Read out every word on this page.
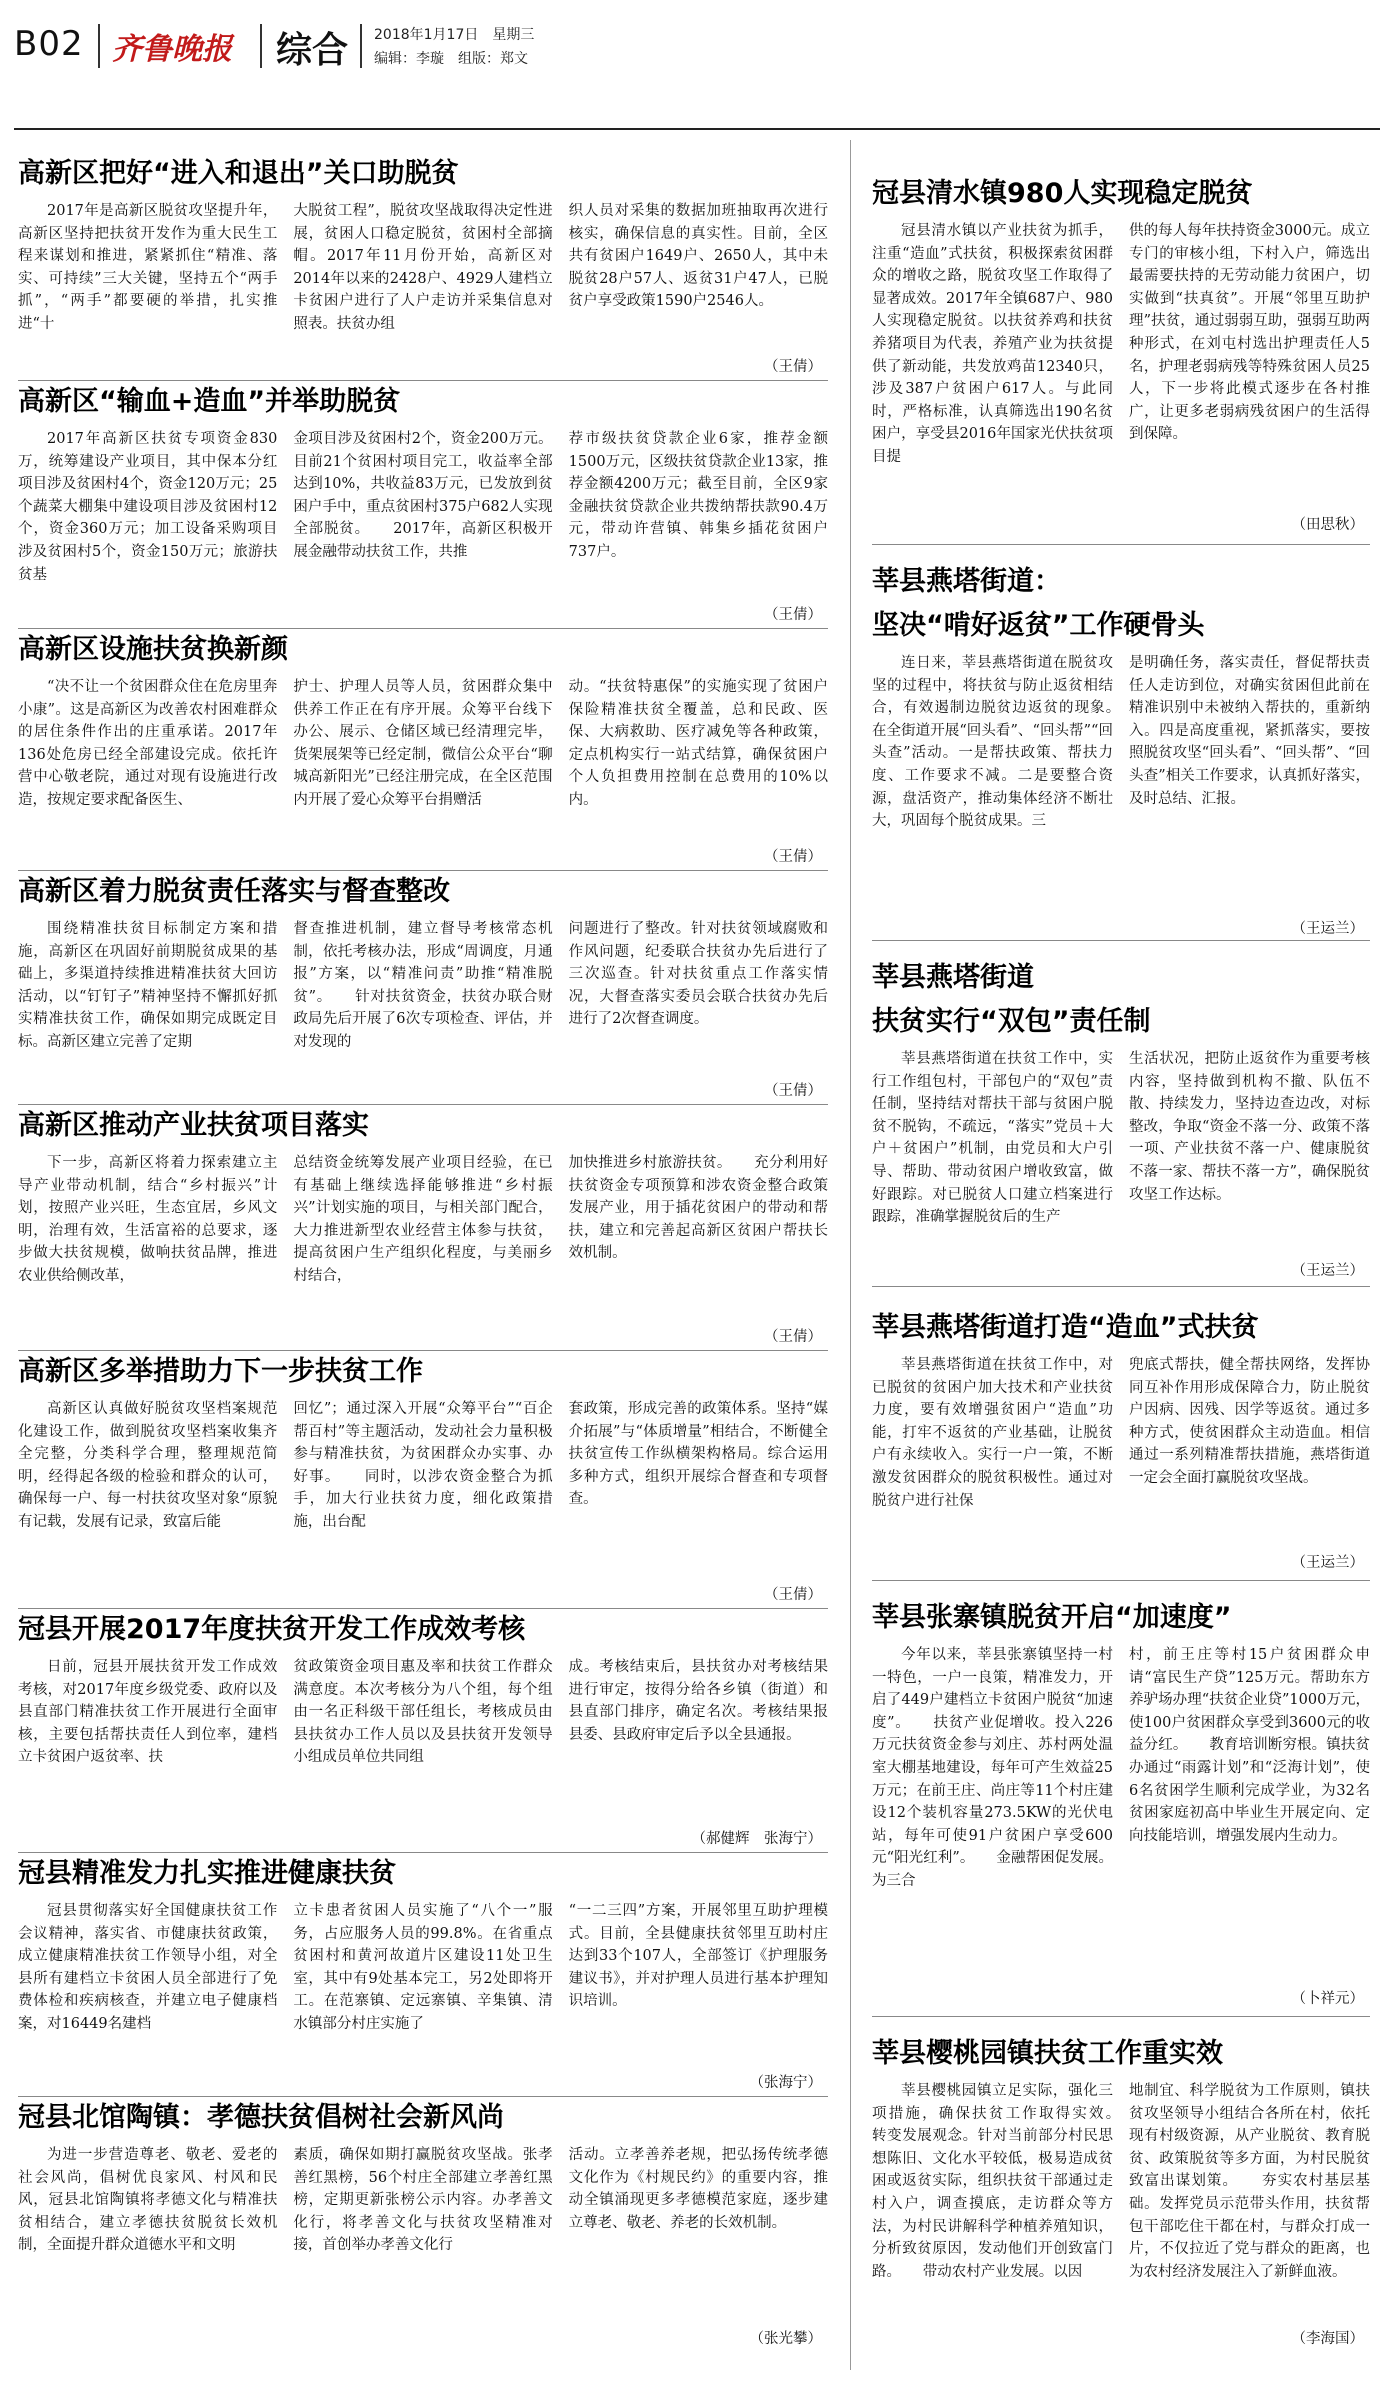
B02 齐鲁晚报 综合 2018年1月17日　星期三
编辑：李璇　组版：郑文
高新区把好“进入和退出”关口助脱贫
2017年是高新区脱贫攻坚提升年，高新区坚持把扶贫开发作为重大民生工程来谋划和推进，紧紧抓住“精准、落实、可持续”三大关键，坚持五个“两手抓”，“两手”都要硬的举措，扎实推进“十
大脱贫工程”，脱贫攻坚战取得决定性进展，贫困人口稳定脱贫，贫困村全部摘帽。2017年11月份开始，高新区对2014年以来的2428户、4929人建档立卡贫困户进行了人户走访并采集信息对照表。扶贫办组
织人员对采集的数据加班抽取再次进行核实，确保信息的真实性。目前，全区共有贫困户1649户、2650人，其中未脱贫28户57人、返贫31户47人，已脱贫户享受政策1590户2546人。
（王倩）
高新区“输血+造血”并举助脱贫
2017年高新区扶贫专项资金830万，统筹建设产业项目，其中保本分红项目涉及贫困村4个，资金120万元；25个蔬菜大棚集中建设项目涉及贫困村12个，资金360万元；加工设备采购项目涉及贫困村5个，资金150万元；旅游扶贫基
金项目涉及贫困村2个，资金200万元。目前21个贫困村项目完工，收益率全部达到10%，共收益83万元，已发放到贫困户手中，重点贫困村375户682人实现全部脱贫。　　2017年，高新区积极开展金融带动扶贫工作，共推
荐市级扶贫贷款企业6家，推荐金额1500万元，区级扶贫贷款企业13家，推荐金额4200万元；截至目前，全区9家金融扶贫贷款企业共拨纳帮扶款90.4万元，带动许营镇、韩集乡插花贫困户737户。
（王倩）
高新区设施扶贫换新颜
“决不让一个贫困群众住在危房里奔小康”。这是高新区为改善农村困难群众的居住条件作出的庄重承诺。2017年136处危房已经全部建设完成。依托许营中心敬老院，通过对现有设施进行改造，按规定要求配备医生、
护士、护理人员等人员，贫困群众集中供养工作正在有序开展。众筹平台线下办公、展示、仓储区域已经清理完毕，货架展架等已经定制，微信公众平台“聊城高新阳光”已经注册完成，在全区范围内开展了爱心众筹平台捐赠活
动。“扶贫特惠保”的实施实现了贫困户保险精准扶贫全覆盖，总和民政、医保、大病救助、医疗减免等各种政策，定点机构实行一站式结算，确保贫困户个人负担费用控制在总费用的10%以内。
（王倩）
高新区着力脱贫责任落实与督查整改
围绕精准扶贫目标制定方案和措施，高新区在巩固好前期脱贫成果的基础上，多渠道持续推进精准扶贫大回访活动，以“钉钉子”精神坚持不懈抓好抓实精准扶贫工作，确保如期完成既定目标。高新区建立完善了定期
督查推进机制，建立督导考核常态机制，依托考核办法，形成“周调度，月通报”方案，以“精准问责”助推“精准脱贫”。　　针对扶贫资金，扶贫办联合财政局先后开展了6次专项检查、评估，并对发现的
问题进行了整改。针对扶贫领域腐败和作风问题，纪委联合扶贫办先后进行了三次巡查。针对扶贫重点工作落实情况，大督查落实委员会联合扶贫办先后进行了2次督查调度。
（王倩）
高新区推动产业扶贫项目落实
下一步，高新区将着力探索建立主导产业带动机制，结合“乡村振兴”计划，按照产业兴旺，生态宜居，乡风文明，治理有效，生活富裕的总要求，逐步做大扶贫规模，做响扶贫品牌，推进农业供给侧改革，
总结资金统筹发展产业项目经验，在已有基础上继续选择能够推进“乡村振兴”计划实施的项目，与相关部门配合，大力推进新型农业经营主体参与扶贫，提高贫困户生产组织化程度，与美丽乡村结合，
加快推进乡村旅游扶贫。　　充分利用好扶贫资金专项预算和涉农资金整合政策发展产业，用于插花贫困户的带动和帮扶，建立和完善起高新区贫困户帮扶长效机制。
（王倩）
高新区多举措助力下一步扶贫工作
高新区认真做好脱贫攻坚档案规范化建设工作，做到脱贫攻坚档案收集齐全完整，分类科学合理，整理规范简明，经得起各级的检验和群众的认可，确保每一户、每一村扶贫攻坚对象“原貌有记载，发展有记录，致富后能
回忆”；通过深入开展“众筹平台”“百企帮百村”等主题活动，发动社会力量积极参与精准扶贫，为贫困群众办实事、办好事。　　同时，以涉农资金整合为抓手，加大行业扶贫力度，细化政策措施，出台配
套政策，形成完善的政策体系。坚持“媒介拓展”与“体质增量”相结合，不断健全扶贫宣传工作纵横架构格局。综合运用多种方式，组织开展综合督查和专项督查。
（王倩）
冠县开展2017年度扶贫开发工作成效考核
日前，冠县开展扶贫开发工作成效考核，对2017年度乡级党委、政府以及县直部门精准扶贫工作开展进行全面审核，主要包括帮扶责任人到位率，建档立卡贫困户返贫率、扶
贫政策资金项目惠及率和扶贫工作群众满意度。本次考核分为八个组，每个组由一名正科级干部任组长，考核成员由县扶贫办工作人员以及县扶贫开发领导小组成员单位共同组
成。考核结束后，县扶贫办对考核结果进行审定，按得分给各乡镇（街道）和县直部门排序，确定名次。考核结果报县委、县政府审定后予以全县通报。
（郝健辉　张海宁）
冠县精准发力扎实推进健康扶贫
冠县贯彻落实好全国健康扶贫工作会议精神，落实省、市健康扶贫政策，成立健康精准扶贫工作领导小组，对全县所有建档立卡贫困人员全部进行了免费体检和疾病核查，并建立电子健康档案，对16449名建档
立卡患者贫困人员实施了“八个一”服务，占应服务人员的99.8%。在省重点贫困村和黄河故道片区建设11处卫生室，其中有9处基本完工，另2处即将开工。在范寨镇、定远寨镇、辛集镇、清水镇部分村庄实施了
“一二三四”方案，开展邻里互助护理模式。目前，全县健康扶贫邻里互助村庄达到33个107人，全部签订《护理服务建议书》，并对护理人员进行基本护理知识培训。
（张海宁）
冠县北馆陶镇：孝德扶贫倡树社会新风尚
为进一步营造尊老、敬老、爱老的社会风尚，倡树优良家风、村风和民风，冠县北馆陶镇将孝德文化与精准扶贫相结合，建立孝德扶贫脱贫长效机制，全面提升群众道德水平和文明
素质，确保如期打赢脱贫攻坚战。张孝善红黑榜，56个村庄全部建立孝善红黑榜，定期更新张榜公示内容。办孝善文化行，将孝善文化与扶贫攻坚精准对接，首创举办孝善文化行
活动。立孝善养老规，把弘扬传统孝德文化作为《村规民约》的重要内容，推动全镇涌现更多孝德模范家庭，逐步建立尊老、敬老、养老的长效机制。
（张光攀）
冠县清水镇980人实现稳定脱贫
冠县清水镇以产业扶贫为抓手，注重“造血”式扶贫，积极探索贫困群众的增收之路，脱贫攻坚工作取得了显著成效。2017年全镇687户、980人实现稳定脱贫。以扶贫养鸡和扶贫养猪项目为代表，养殖产业为扶贫提供了新动能，共发放鸡苗12340只，涉及387户贫困户617人。与此同时，严格标准，认真筛选出190名贫困户，享受县2016年国家光伏扶贫项目提
供的每人每年扶持资金3000元。成立专门的审核小组，下村入户，筛选出最需要扶持的无劳动能力贫困户，切实做到“扶真贫”。开展“邻里互助护理”扶贫，通过弱弱互助，强弱互助两种形式，在刘屯村选出护理责任人5名，护理老弱病残等特殊贫困人员25人，下一步将此模式逐步在各村推广，让更多老弱病残贫困户的生活得到保障。
（田思秋）
莘县燕塔街道：
坚决“啃好返贫”工作硬骨头
连日来，莘县燕塔街道在脱贫攻坚的过程中，将扶贫与防止返贫相结合，有效遏制边脱贫边返贫的现象。　　在全街道开展“回头看”、“回头帮”“回头查”活动。一是帮扶政策、帮扶力度、工作要求不减。二是要整合资源，盘活资产，推动集体经济不断壮大，巩固每个脱贫成果。三
是明确任务，落实责任，督促帮扶责任人走访到位，对确实贫困但此前在精准识别中未被纳入帮扶的，重新纳入。四是高度重视，紧抓落实，要按照脱贫攻坚“回头看”、“回头帮”、“回头查”相关工作要求，认真抓好落实，及时总结、汇报。
（王运兰）
莘县燕塔街道
扶贫实行“双包”责任制
莘县燕塔街道在扶贫工作中，实行工作组包村，干部包户的“双包”责任制，坚持结对帮扶干部与贫困户脱贫不脱钩，不疏远，“落实”党员＋大户＋贫困户”机制，由党员和大户引导、帮助、带动贫困户增收致富，做好跟踪。对已脱贫人口建立档案进行跟踪，准确掌握脱贫后的生产
生活状况，把防止返贫作为重要考核内容，坚持做到机构不撤、队伍不散、持续发力，坚持边查边改，对标整改，争取“资金不落一分、政策不落一项、产业扶贫不落一户、健康脱贫不落一家、帮扶不落一方”，确保脱贫攻坚工作达标。
（王运兰）
莘县燕塔街道打造“造血”式扶贫
莘县燕塔街道在扶贫工作中，对已脱贫的贫困户加大技术和产业扶贫力度，要有效增强贫困户“造血”功能，打牢不返贫的产业基础，让脱贫户有永续收入。实行一户一策，不断激发贫困群众的脱贫积极性。通过对脱贫户进行社保
兜底式帮扶，健全帮扶网络，发挥协同互补作用形成保障合力，防止脱贫户因病、因残、因学等返贫。通过多种方式，使贫困群众主动造血。相信通过一系列精准帮扶措施，燕塔街道一定会全面打赢脱贫攻坚战。
（王运兰）
莘县张寨镇脱贫开启“加速度”
今年以来，莘县张寨镇坚持一村一特色，一户一良策，精准发力，开启了449户建档立卡贫困户脱贫“加速度”。　　扶贫产业促增收。投入226万元扶贫资金参与刘庄、苏村两处温室大棚基地建设，每年可产生效益25万元；在前王庄、尚庄等11个村庄建设12个装机容量273.5KW的光伏电站，每年可使91户贫困户享受600元“阳光红利”。　　金融帮困促发展。为三合
村，前王庄等村15户贫困群众申请“富民生产贷”125万元。帮助东方养驴场办理“扶贫企业贷”1000万元，使100户贫困群众享受到3600元的收益分红。　　教育培训断穷根。镇扶贫办通过“雨露计划”和“泛海计划”，使6名贫困学生顺利完成学业，为32名贫困家庭初高中毕业生开展定向、定向技能培训，增强发展内生动力。
（卜祥元）
莘县樱桃园镇扶贫工作重实效
莘县樱桃园镇立足实际，强化三项措施，确保扶贫工作取得实效。　　转变发展观念。针对当前部分村民思想陈旧、文化水平较低，极易造成贫困或返贫实际，组织扶贫干部通过走村入户，调查摸底，走访群众等方法，为村民讲解科学种植养殖知识，分析致贫原因，发动他们开创致富门路。　　带动农村产业发展。以因
地制宜、科学脱贫为工作原则，镇扶贫攻坚领导小组结合各所在村，依托现有村级资源，从产业脱贫、教育脱贫、政策脱贫等多方面，为村民脱贫致富出谋划策。　　夯实农村基层基础。发挥党员示范带头作用，扶贫帮包干部吃住干都在村，与群众打成一片，不仅拉近了党与群众的距离，也为农村经济发展注入了新鲜血液。
（李海国）
